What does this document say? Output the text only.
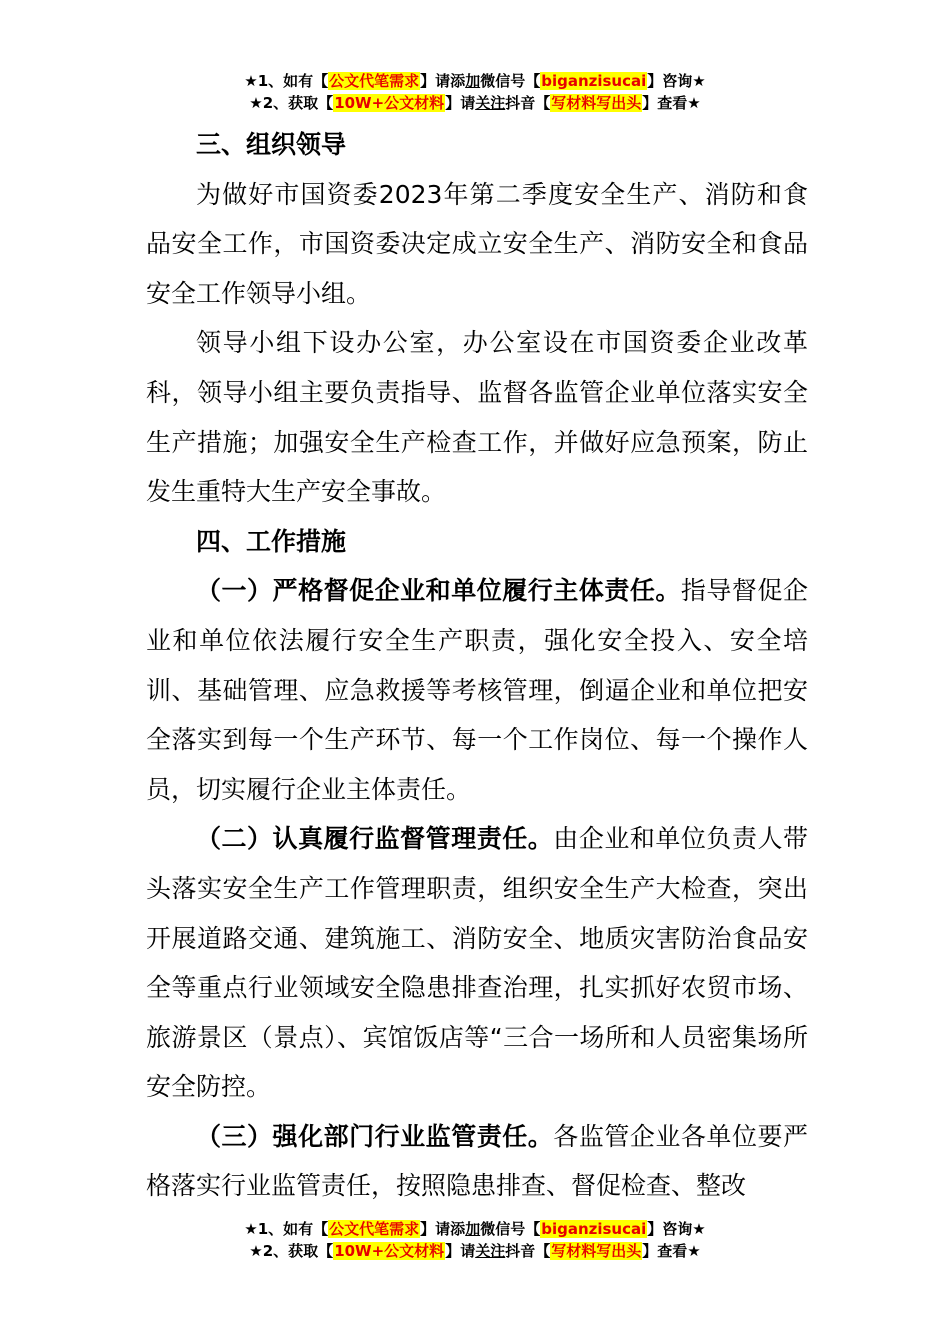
★1、如有【公文代笔需求】请添加微信号【biganzisucai】咨询★
★2、获取【10W+公文材料】请关注抖音【写材料写出头】查看★

三、组织领导

为做好市国资委2023年第二季度安全生产、消防和食品安全工作，市国资委决定成立安全生产、消防安全和食品安全工作领导小组。

领导小组下设办公室，办公室设在市国资委企业改革科，领导小组主要负责指导、监督各监管企业单位落实安全生产措施；加强安全生产检查工作，并做好应急预案，防止发生重特大生产安全事故。

四、工作措施

（一）严格督促企业和单位履行主体责任。指导督促企业和单位依法履行安全生产职责，强化安全投入、安全培训、基础管理、应急救援等考核管理，倒逼企业和单位把安全落实到每一个生产环节、每一个工作岗位、每一个操作人员，切实履行企业主体责任。

（二）认真履行监督管理责任。由企业和单位负责人带头落实安全生产工作管理职责，组织安全生产大检查，突出开展道路交通、建筑施工、消防安全、地质灾害防治食品安全等重点行业领域安全隐患排查治理，扎实抓好农贸市场、旅游景区（景点）、宾馆饭店等“三合一场所和人员密集场所安全防控。

（三）强化部门行业监管责任。各监管企业各单位要严格落实行业监管责任，按照隐患排查、督促检查、整改

★1、如有【公文代笔需求】请添加微信号【biganzisucai】咨询★
★2、获取【10W+公文材料】请关注抖音【写材料写出头】查看★
